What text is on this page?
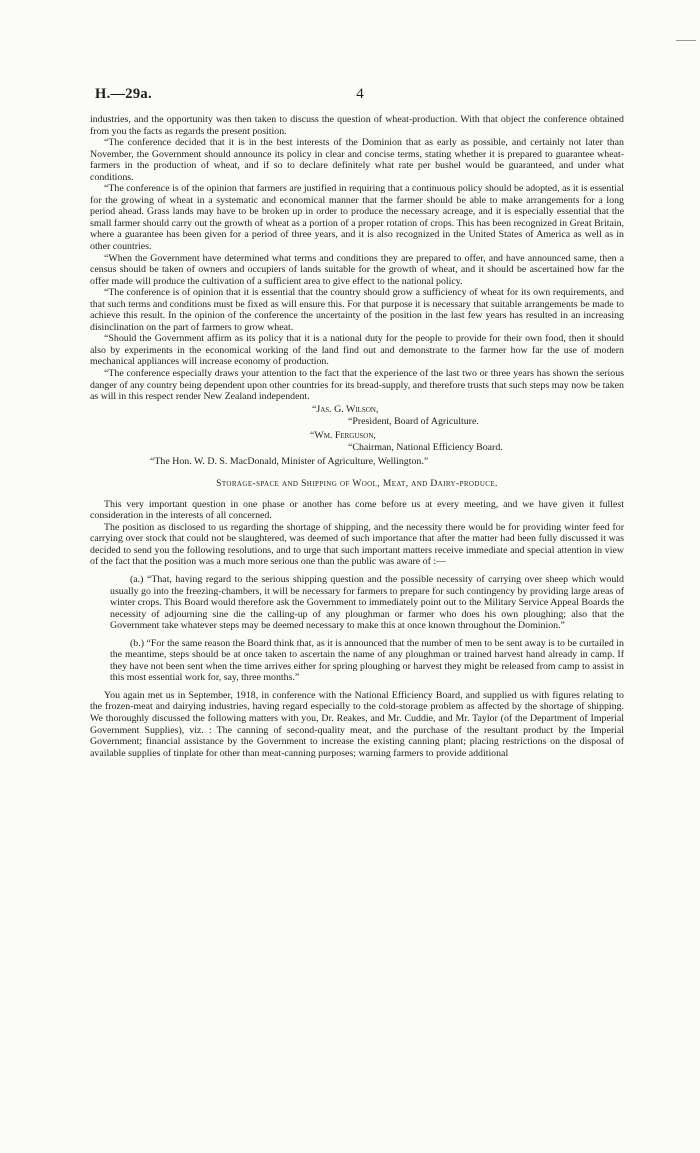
H.—29a.	4

industries, and the opportunity was then taken to discuss the question of wheat-production. With that object the conference obtained from you the facts as regards the present position.

“The conference decided that it is in the best interests of the Dominion that as early as possible, and certainly not later than November, the Government should announce its policy in clear and concise terms, stating whether it is prepared to guarantee wheat-farmers in the production of wheat, and if so to declare definitely what rate per bushel would be guaranteed, and under what conditions.

“The conference is of the opinion that farmers are justified in requiring that a continuous policy should be adopted, as it is essential for the growing of wheat in a systematic and economical manner that the farmer should be able to make arrangements for a long period ahead. Grass lands may have to be broken up in order to produce the necessary acreage, and it is especially essential that the small farmer should carry out the growth of wheat as a portion of a proper rotation of crops. This has been recognized in Great Britain, where a guarantee has been given for a period of three years, and it is also recognized in the United States of America as well as in other countries.

“When the Government have determined what terms and conditions they are prepared to offer, and have announced same, then a census should be taken of owners and occupiers of lands suitable for the growth of wheat, and it should be ascertained how far the offer made will produce the cultivation of a sufficient area to give effect to the national policy.

“The conference is of opinion that it is essential that the country should grow a sufficiency of wheat for its own requirements, and that such terms and conditions must be fixed as will ensure this. For that purpose it is necessary that suitable arrangements be made to achieve this result. In the opinion of the conference the uncertainty of the position in the last few years has resulted in an increasing disinclination on the part of farmers to grow wheat.

“Should the Government affirm as its policy that it is a national duty for the people to provide for their own food, then it should also by experiments in the economical working of the land find out and demonstrate to the farmer how far the use of modern mechanical appliances will increase economy of production.

“The conference especially draws your attention to the fact that the experience of the last two or three years has shown the serious danger of any country being dependent upon other countries for its bread-supply, and therefore trusts that such steps may now be taken as will in this respect render New Zealand independent.

“Jas. G. Wilson,

“President, Board of Agriculture.

“Wm. Ferguson,

“Chairman, National Efficiency Board.

“The Hon. W. D. S. MacDonald, Minister of Agriculture, Wellington.”

Storage-space and Shipping of Wool, Meat, and Dairy-produce.

This very important question in one phase or another has come before us at every meeting, and we have given it fullest consideration in the interests of all concerned.

The position as disclosed to us regarding the shortage of shipping, and the necessity there would be for providing winter feed for carrying over stock that could not be slaughtered, was deemed of such importance that after the matter had been fully discussed it was decided to send you the following resolutions, and to urge that such important matters receive immediate and special attention in view of the fact that the position was a much more serious one than the public was aware of :—

(a.) “That, having regard to the serious shipping question and the possible necessity of carrying over sheep which would usually go into the freezing-chambers, it will be necessary for farmers to prepare for such contingency by providing large areas of winter crops. This Board would therefore ask the Government to immediately point out to the Military Service Appeal Boards the necessity of adjourning sine die the calling-up of any ploughman or farmer who does his own ploughing; also that the Government take whatever steps may be deemed necessary to make this at once known throughout the Dominion.”

(b.) “For the same reason the Board think that, as it is announced that the number of men to be sent away is to be curtailed in the meantime, steps should be at once taken to ascertain the name of any ploughman or trained harvest hand already in camp. If they have not been sent when the time arrives either for spring ploughing or harvest they might be released from camp to assist in this most essential work for, say, three months.”

You again met us in September, 1918, in conference with the National Efficiency Board, and supplied us with figures relating to the frozen-meat and dairying industries, having regard especially to the cold-storage problem as affected by the shortage of shipping. We thoroughly discussed the following matters with you, Dr. Reakes, and Mr. Cuddie, and Mr. Taylor (of the Department of Imperial Government Supplies), viz. : The canning of second-quality meat, and the purchase of the resultant product by the Imperial Government; financial assistance by the Government to increase the existing canning plant; placing restrictions on the disposal of available supplies of tinplate for other than meat-canning purposes; warning farmers to provide additional
